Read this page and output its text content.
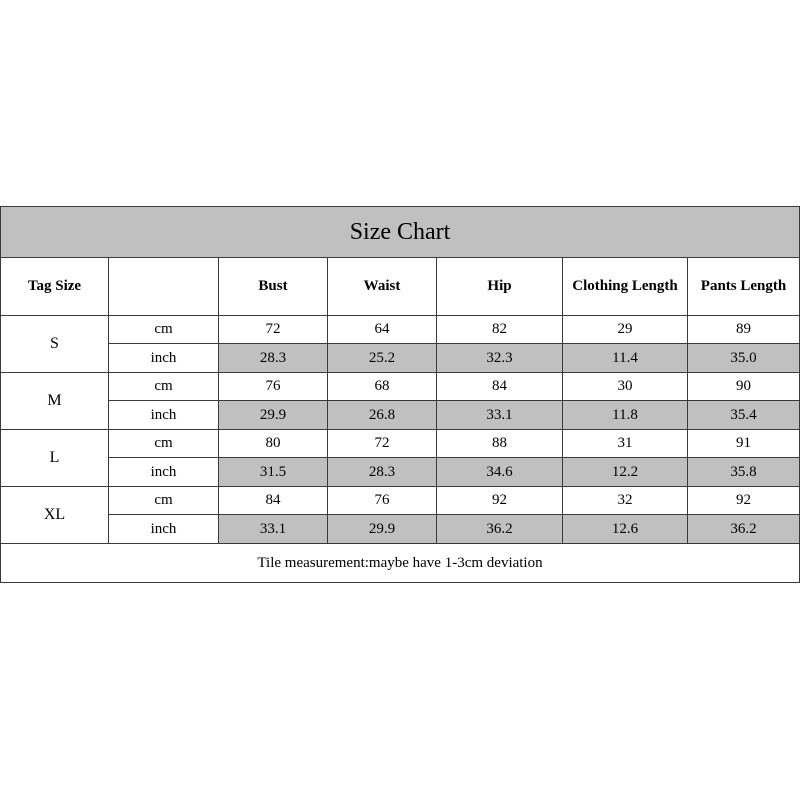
Size Chart						
Tag Size		Bust	Waist	Hip	Clothing Length	Pants Length
S	cm	72	64	82	29	89
	inch	28.3	25.2	32.3	11.4	35.0
M	cm	76	68	84	30	90
	inch	29.9	26.8	33.1	11.8	35.4
L	cm	80	72	88	31	91
	inch	31.5	28.3	34.6	12.2	35.8
XL	cm	84	76	92	32	92
	inch	33.1	29.9	36.2	12.6	36.2
Tile measurement:maybe have 1-3cm deviation						
